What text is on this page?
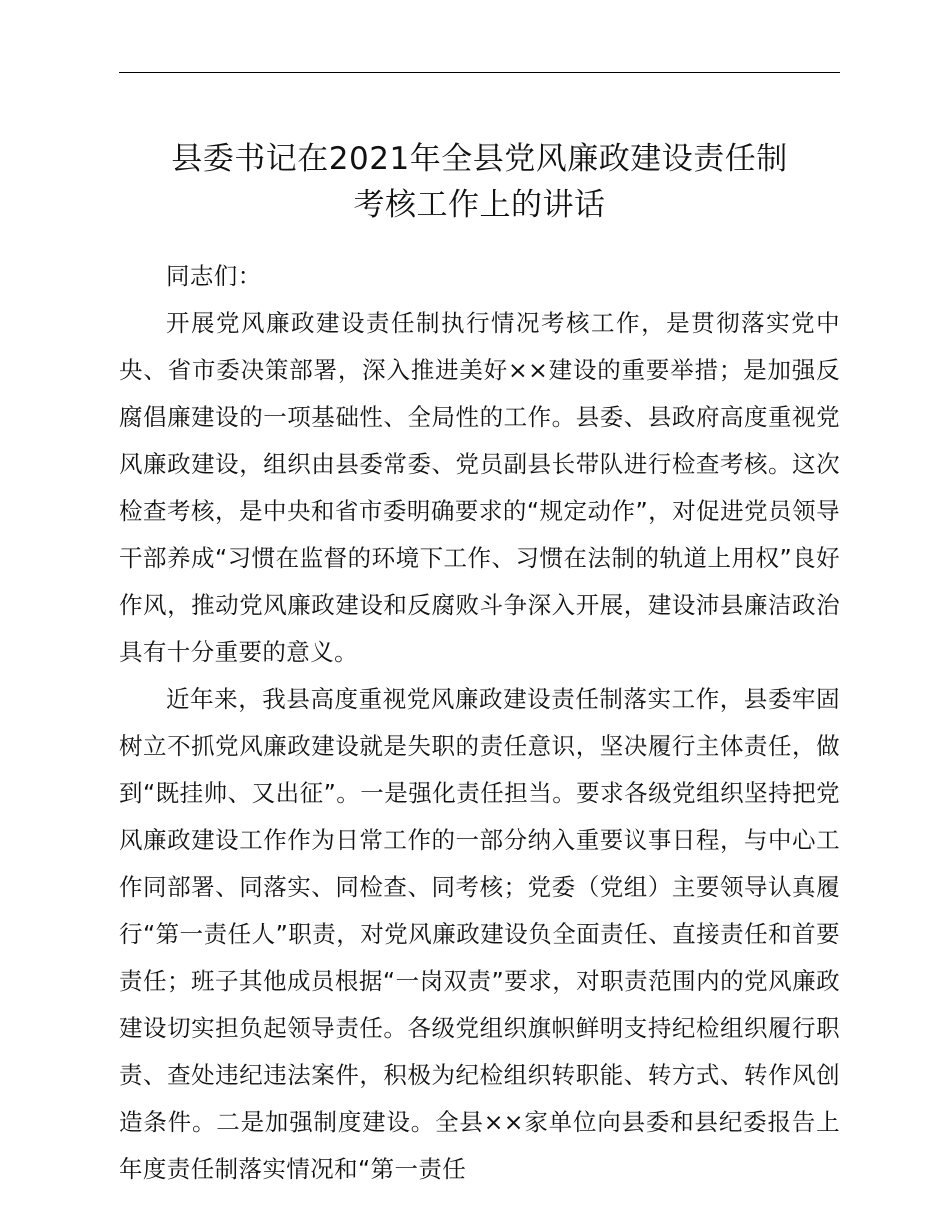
县委书记在2021年全县党风廉政建设责任制
考核工作上的讲话

同志们：

开展党风廉政建设责任制执行情况考核工作，是贯彻落实党中央、省市委决策部署，深入推进美好××建设的重要举措；是加强反腐倡廉建设的一项基础性、全局性的工作。县委、县政府高度重视党风廉政建设，组织由县委常委、党员副县长带队进行检查考核。这次检查考核，是中央和省市委明确要求的“规定动作”，对促进党员领导干部养成“习惯在监督的环境下工作、习惯在法制的轨道上用权”良好作风，推动党风廉政建设和反腐败斗争深入开展，建设沛县廉洁政治具有十分重要的意义。

近年来，我县高度重视党风廉政建设责任制落实工作，县委牢固树立不抓党风廉政建设就是失职的责任意识，坚决履行主体责任，做到“既挂帅、又出征”。一是强化责任担当。要求各级党组织坚持把党风廉政建设工作作为日常工作的一部分纳入重要议事日程，与中心工作同部署、同落实、同检查、同考核；党委（党组）主要领导认真履行“第一责任人”职责，对党风廉政建设负全面责任、直接责任和首要责任；班子其他成员根据“一岗双责”要求，对职责范围内的党风廉政建设切实担负起领导责任。各级党组织旗帜鲜明支持纪检组织履行职责、查处违纪违法案件，积极为纪检组织转职能、转方式、转作风创造条件。二是加强制度建设。全县××家单位向县委和县纪委报告上年度责任制落实情况和“第一责任
